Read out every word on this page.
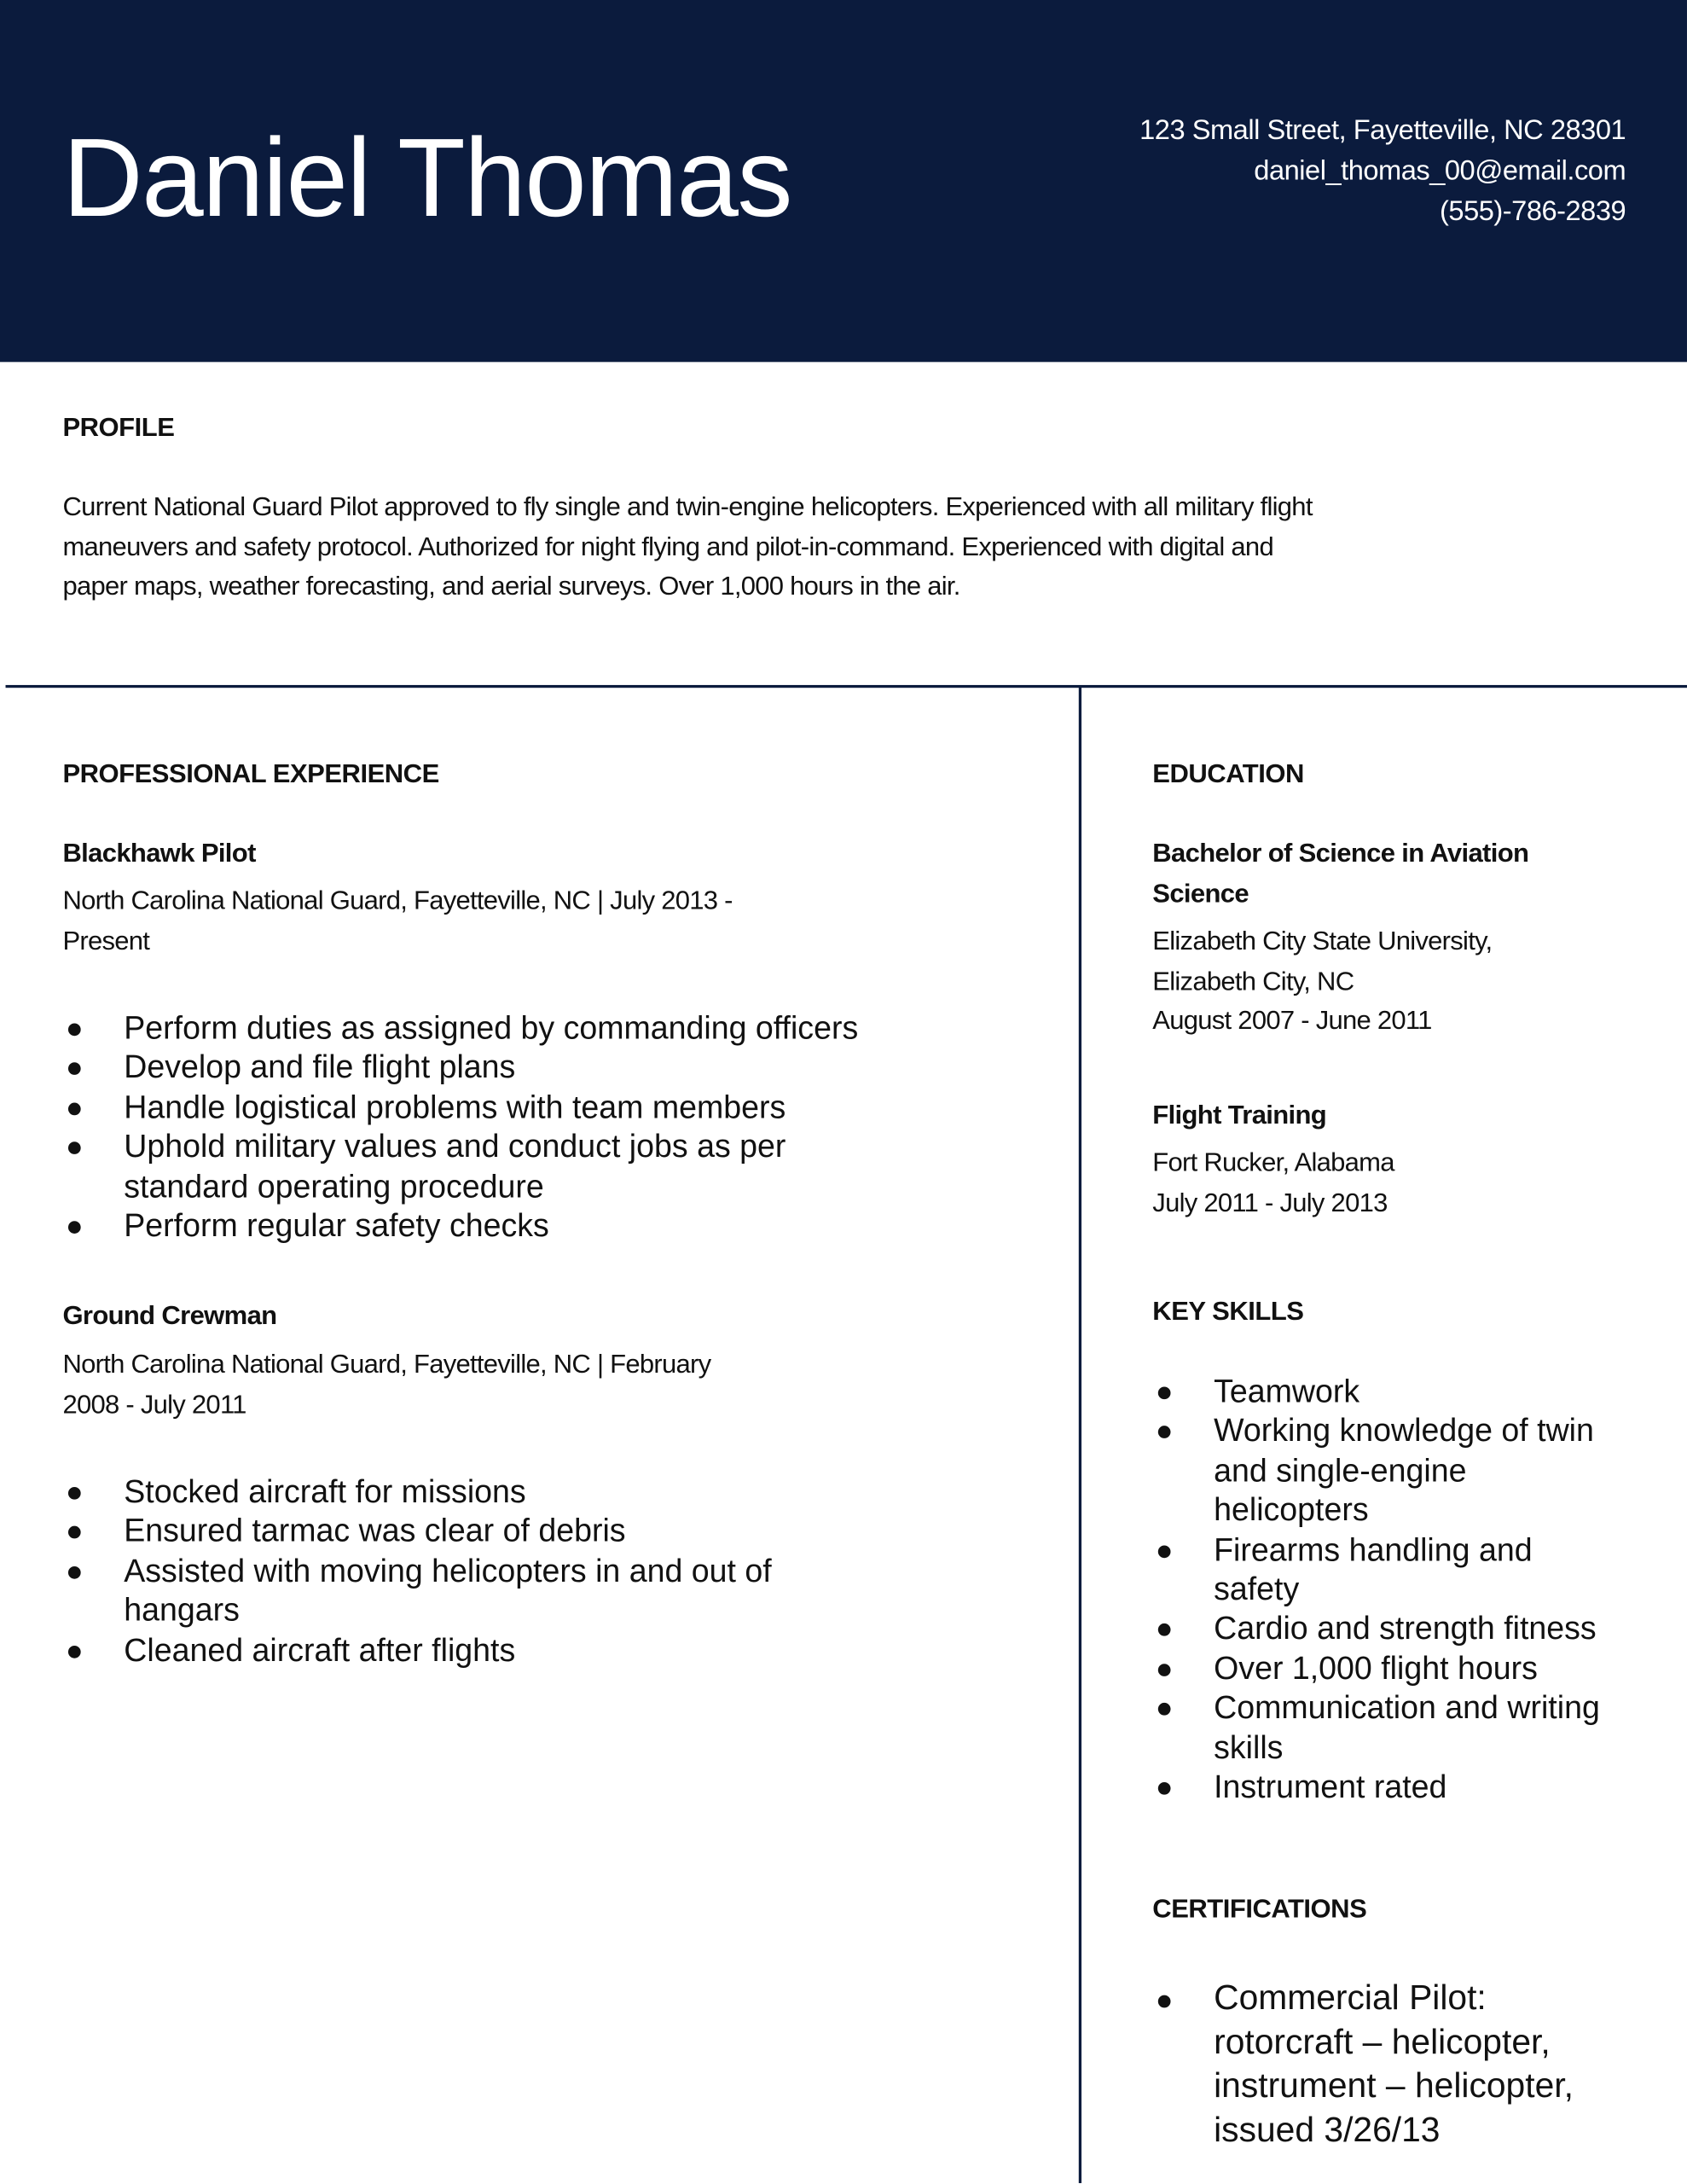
Daniel Thomas	123 Small Street, Fayetteville, NC 28301
daniel_thomas_00@email.com
(555)-786-2839
PROFILE
Current National Guard Pilot approved to fly single and twin-engine helicopters. Experienced with all military flight
maneuvers and safety protocol. Authorized for night flying and pilot-in-command. Experienced with digital and
paper maps, weather forecasting, and aerial surveys. Over 1,000 hours in the air.
PROFESSIONAL EXPERIENCE
Blackhawk Pilot
North Carolina National Guard, Fayetteville, NC | July 2013 -
Present
Perform duties as assigned by commanding officers
Develop and file flight plans
Handle logistical problems with team members
Uphold military values and conduct jobs as per
standard operating procedure
Perform regular safety checks
Ground Crewman
North Carolina National Guard, Fayetteville, NC | February
2008 - July 2011
Stocked aircraft for missions
Ensured tarmac was clear of debris
Assisted with moving helicopters in and out of
hangars
Cleaned aircraft after flights
EDUCATION
Bachelor of Science in Aviation
Science
Elizabeth City State University,
Elizabeth City, NC
August 2007 - June 2011
Flight Training
Fort Rucker, Alabama
July 2011 - July 2013
KEY SKILLS
Teamwork
Working knowledge of twin
and single-engine
helicopters
Firearms handling and
safety
Cardio and strength fitness
Over 1,000 flight hours
Communication and writing
skills
Instrument rated
CERTIFICATIONS
Commercial Pilot:
rotorcraft – helicopter,
instrument – helicopter,
issued 3/26/13
